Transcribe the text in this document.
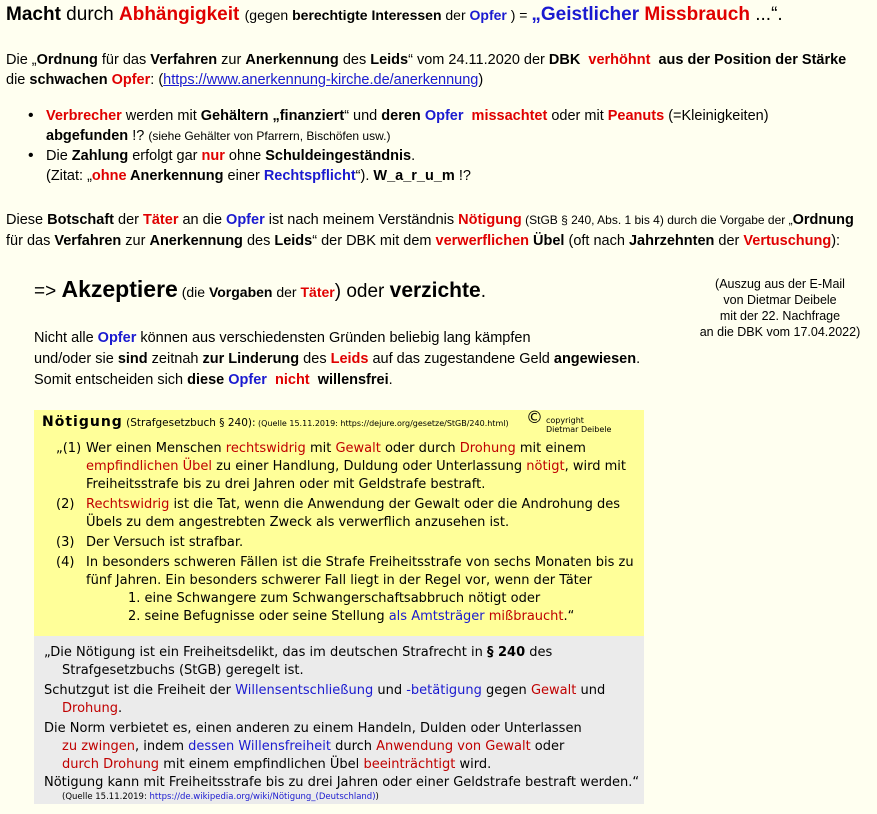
Macht durch Abhängigkeit (gegen berechtigte Interessen der Opfer ) = „Geistlicher Missbrauch ...“.
Die „Ordnung für das Verfahren zur Anerkennung des Leids“ vom 24.11.2020 der DBK verhöhnt  aus der Position der Stärke die schwachen Opfer: (https://www.anerkennung-kirche.de/anerkennung)
• Verbrecher werden mit Gehältern „finanziert“ und deren Opfer missachtet oder mit Peanuts (=Kleinigkeiten)
abgefunden !? (siehe Gehälter von Pfarrern, Bischöfen usw.)
• Die Zahlung erfolgt gar nur ohne Schuldeingeständnis.
(Zitat: „ohne Anerkennung einer Rechtspflicht“). W_a_r_u_m !?
Diese Botschaft der Täter an die Opfer ist nach meinem Verständnis Nötigung (StGB § 240, Abs. 1 bis 4) durch die Vorgabe der „Ordnung für das Verfahren zur Anerkennung des Leids“ der DBK mit dem verwerflichen Übel (oft nach Jahrzehnten der Vertuschung):
=> Akzeptiere (die Vorgaben der Täter) oder verzichte.	(Auszug aus der E-Mail
von Dietmar Deibele
mit der 22. Nachfrage
an die DBK vom 17.04.2022)
Nicht alle Opfer können aus verschiedensten Gründen beliebig lang kämpfen
und/oder sie sind zeitnah zur Linderung des Leids auf das zugestandene Geld angewiesen.
Somit entscheiden sich diese Opfer nicht willensfrei.
Nötigung (Strafgesetzbuch § 240): (Quelle 15.11.2019: https://dejure.org/gesetze/StGB/240.html) © copyright
Dietmar Deibele
„(1) Wer einen Menschen rechtswidrig mit Gewalt oder durch Drohung mit einem empfindlichen Übel zu einer Handlung, Duldung oder Unterlassung nötigt, wird mit Freiheitsstrafe bis zu drei Jahren oder mit Geldstrafe bestraft.
(2) Rechtswidrig ist die Tat, wenn die Anwendung der Gewalt oder die Androhung des Übels zu dem angestrebten Zweck als verwerflich anzusehen ist.
(3) Der Versuch ist strafbar.
(4) In besonders schweren Fällen ist die Strafe Freiheitsstrafe von sechs Monaten bis zu fünf Jahren. Ein besonders schwerer Fall liegt in der Regel vor, wenn der Täter
1. eine Schwangere zum Schwangerschaftsabbruch nötigt oder
2. seine Befugnisse oder seine Stellung als Amtsträger mißbraucht.“
„Die Nötigung ist ein Freiheitsdelikt, das im deutschen Strafrecht in § 240 des
Strafgesetzbuchs (StGB) geregelt ist.
Schutzgut ist die Freiheit der Willensentschließung und -betätigung gegen Gewalt und
Drohung.
Die Norm verbietet es, einen anderen zu einem Handeln, Dulden oder Unterlassen
zu zwingen, indem dessen Willensfreiheit durch Anwendung von Gewalt oder
durch Drohung mit einem empfindlichen Übel beeinträchtigt wird.
Nötigung kann mit Freiheitsstrafe bis zu drei Jahren oder einer Geldstrafe bestraft werden.“
(Quelle 15.11.2019: https://de.wikipedia.org/wiki/Nötigung_(Deutschland))
